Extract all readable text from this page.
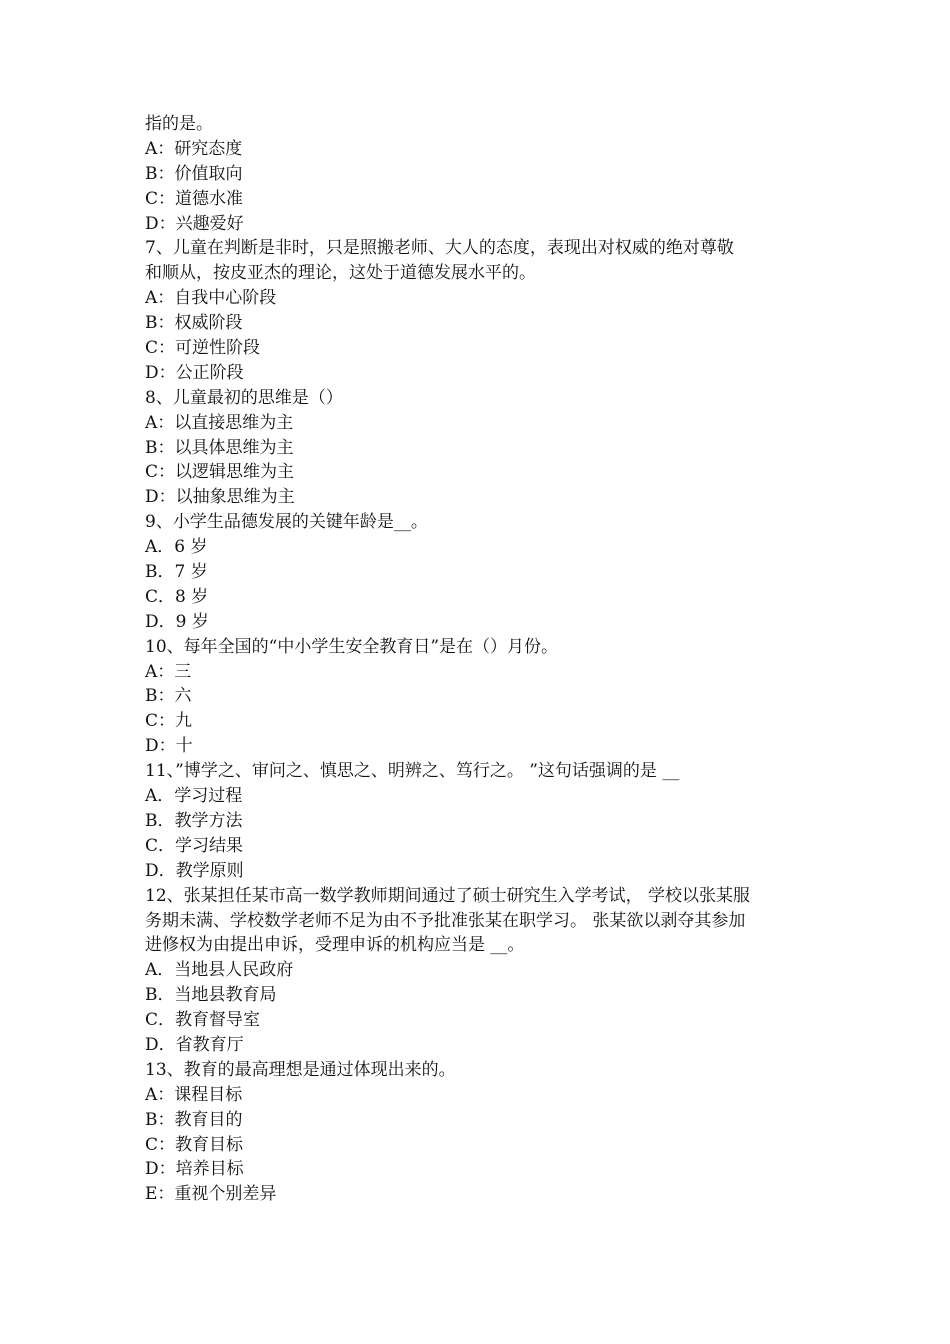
指的是。
A：研究态度
B：价值取向
C：道德水准
D：兴趣爱好
7、儿童在判断是非时，只是照搬老师、大人的态度，表现出对权威的绝对尊敬
和顺从，按皮亚杰的理论，这处于道德发展水平的。
A：自我中心阶段
B：权威阶段
C：可逆性阶段
D：公正阶段
8、儿童最初的思维是（）
A：以直接思维为主
B：以具体思维为主
C：以逻辑思维为主
D：以抽象思维为主
9、小学生品德发展的关键年龄是__。
A．6 岁
B．7 岁
C．8 岁
D．9 岁
10、每年全国的“中小学生安全教育日”是在（）月份。
A：三
B：六
C：九
D：十
11、”博学之、审问之、慎思之、明辨之、笃行之。 ”这句话强调的是 __
A．学习过程
B．教学方法
C．学习结果
D．教学原则
12、张某担任某市高一数学教师期间通过了硕士研究生入学考试， 学校以张某服
务期未满、学校数学老师不足为由不予批准张某在职学习。 张某欲以剥夺其参加
进修权为由提出申诉，受理申诉的机构应当是 __。
A．当地县人民政府
B．当地县教育局
C．教育督导室
D．省教育厅
13、教育的最高理想是通过体现出来的。
A：课程目标
B：教育目的
C：教育目标
D：培养目标
E：重视个别差异
